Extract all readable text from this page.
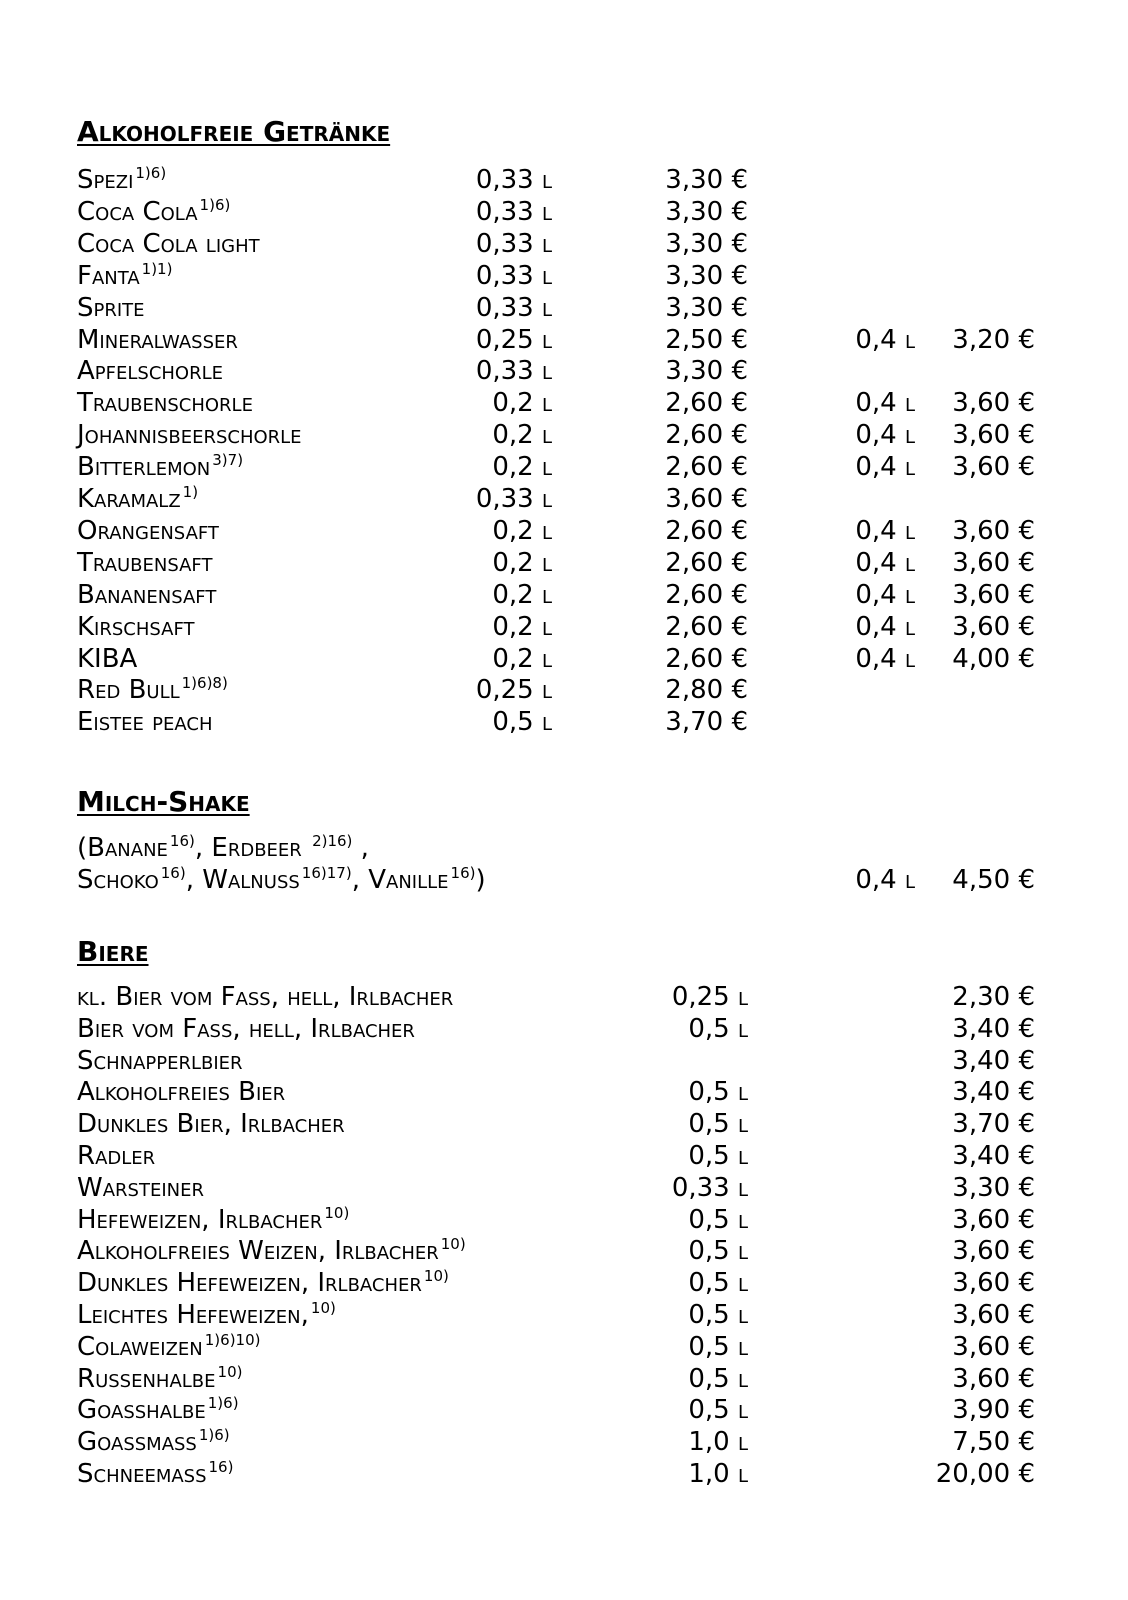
Alkoholfreie Getränke
Spezi $^{1)6)}$	0,33 l	3,30 €
Coca Cola $^{1)6)}$	0,33 l	3,30 €
Coca Cola light	0,33 l	3,30 €
Fanta $^{1)1)}$	0,33 l	3,30 €
Sprite	0,33 l	3,30 €
Mineralwasser	0,25 l	2,50 €	0,4 l	3,20 €
Apfelschorle	0,33 l	3,30 €
Traubenschorle	0,2 l	2,60 €	0,4 l	3,60 €
Johannisbeerschorle	0,2 l	2,60 €	0,4 l	3,60 €
Bitterlemon $^{3)7)}$	0,2 l	2,60 €	0,4 l	3,60 €
Karamalz $^{1)}$	0,33 l	3,60 €
Orangensaft	0,2 l	2,60 €	0,4 l	3,60 €
Traubensaft	0,2 l	2,60 €	0,4 l	3,60 €
Bananensaft	0,2 l	2,60 €	0,4 l	3,60 €
Kirschsaft	0,2 l	2,60 €	0,4 l	3,60 €
KIBA	0,2 l	2,60 €	0,4 l	4,00 €
Red Bull $^{1)6)8)}$	0,25 l	2,80 €
Eistee peach	0,5 l	3,70 €
Milch-Shake
(Banane $^{16)}$, Erdbeer $^{2)16)}$ ,
Schoko $^{16)}$, Walnuss $^{16)17)}$, Vanille $^{16)}$)	0,4 l	4,50 €
Biere
kl. Bier vom Fass, hell, Irlbacher	0,25 l	2,30 €
Bier vom Fass, hell, Irlbacher	0,5 l	3,40 €
Schnapperlbier	3,40 €
Alkoholfreies Bier	0,5 l	3,40 €
Dunkles Bier, Irlbacher	0,5 l	3,70 €
Radler	0,5 l	3,40 €
Warsteiner	0,33 l	3,30 €
Hefeweizen, Irlbacher $^{10)}$	0,5 l	3,60 €
Alkoholfreies Weizen, Irlbacher $^{10)}$	0,5 l	3,60 €
Dunkles Hefeweizen, Irlbacher $^{10)}$	0,5 l	3,60 €
Leichtes Hefeweizen, $^{10)}$	0,5 l	3,60 €
Colaweizen $^{1)6)10)}$	0,5 l	3,60 €
Russenhalbe $^{10)}$	0,5 l	3,60 €
Goasshalbe $^{1)6)}$	0,5 l	3,90 €
Goassmass $^{1)6)}$	1,0 l	7,50 €
Schneemass $^{16)}$	1,0 l	20,00 €
